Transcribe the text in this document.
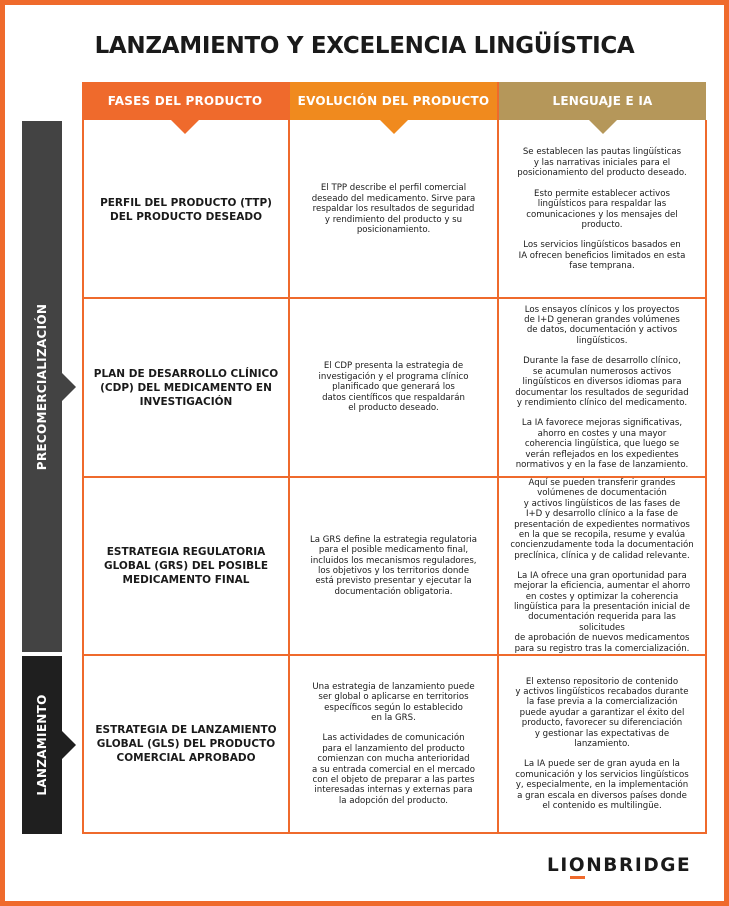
LANZAMIENTO Y EXCELENCIA LINGÜÍSTICA
FASES DEL PRODUCTO	EVOLUCIÓN DEL PRODUCTO	LENGUAJE E IA
PRECOMERCIALIZACIÓN
LANZAMIENTO
PERFIL DEL PRODUCTO (TTP)
DEL PRODUCTO DESEADO

El TPP describe el perfil comercial
deseado del medicamento. Sirve para
respaldar los resultados de seguridad
y rendimiento del producto y su
posicionamiento.

Se establecen las pautas lingüísticas
y las narrativas iniciales para el
posicionamiento del producto deseado.

Esto permite establecer activos
lingüísticos para respaldar las
comunicaciones y los mensajes del
producto.

Los servicios lingüísticos basados en
IA ofrecen beneficios limitados en esta
fase temprana.

PLAN DE DESARROLLO CLÍNICO
(CDP) DEL MEDICAMENTO EN
INVESTIGACIÓN

El CDP presenta la estrategia de
investigación y el programa clínico
planificado que generará los
datos científicos que respaldarán
el producto deseado.

Los ensayos clínicos y los proyectos
de I+D generan grandes volúmenes
de datos, documentación y activos
lingüísticos.

Durante la fase de desarrollo clínico,
se acumulan numerosos activos
lingüísticos en diversos idiomas para
documentar los resultados de seguridad
y rendimiento clínico del medicamento.

La IA favorece mejoras significativas,
ahorro en costes y una mayor
coherencia lingüística, que luego se
verán reflejados en los expedientes
normativos y en la fase de lanzamiento.

ESTRATEGIA REGULATORIA
GLOBAL (GRS) DEL POSIBLE
MEDICAMENTO FINAL

La GRS define la estrategia regulatoria
para el posible medicamento final,
incluidos los mecanismos reguladores,
los objetivos y los territorios donde
está previsto presentar y ejecutar la
documentación obligatoria.

Aquí se pueden transferir grandes
volúmenes de documentación
y activos lingüísticos de las fases de
I+D y desarrollo clínico a la fase de
presentación de expedientes normativos
en la que se recopila, resume y evalúa
concienzudamente toda la documentación
preclínica, clínica y de calidad relevante.

La IA ofrece una gran oportunidad para
mejorar la eficiencia, aumentar el ahorro
en costes y optimizar la coherencia
lingüística para la presentación inicial de
documentación requerida para las solicitudes
de aprobación de nuevos medicamentos
para su registro tras la comercialización.

ESTRATEGIA DE LANZAMIENTO
GLOBAL (GLS) DEL PRODUCTO
COMERCIAL APROBADO

Una estrategia de lanzamiento puede
ser global o aplicarse en territorios
específicos según lo establecido
en la GRS.

Las actividades de comunicación
para el lanzamiento del producto
comienzan con mucha anterioridad
a su entrada comercial en el mercado
con el objeto de preparar a las partes
interesadas internas y externas para
la adopción del producto.

El extenso repositorio de contenido
y activos lingüísticos recabados durante
la fase previa a la comercialización
puede ayudar a garantizar el éxito del
producto, favorecer su diferenciación
y gestionar las expectativas de
lanzamiento.

La IA puede ser de gran ayuda en la
comunicación y los servicios lingüísticos
y, especialmente, en la implementación
a gran escala en diversos países donde
el contenido es multilingüe.

LIONBRIDGE
